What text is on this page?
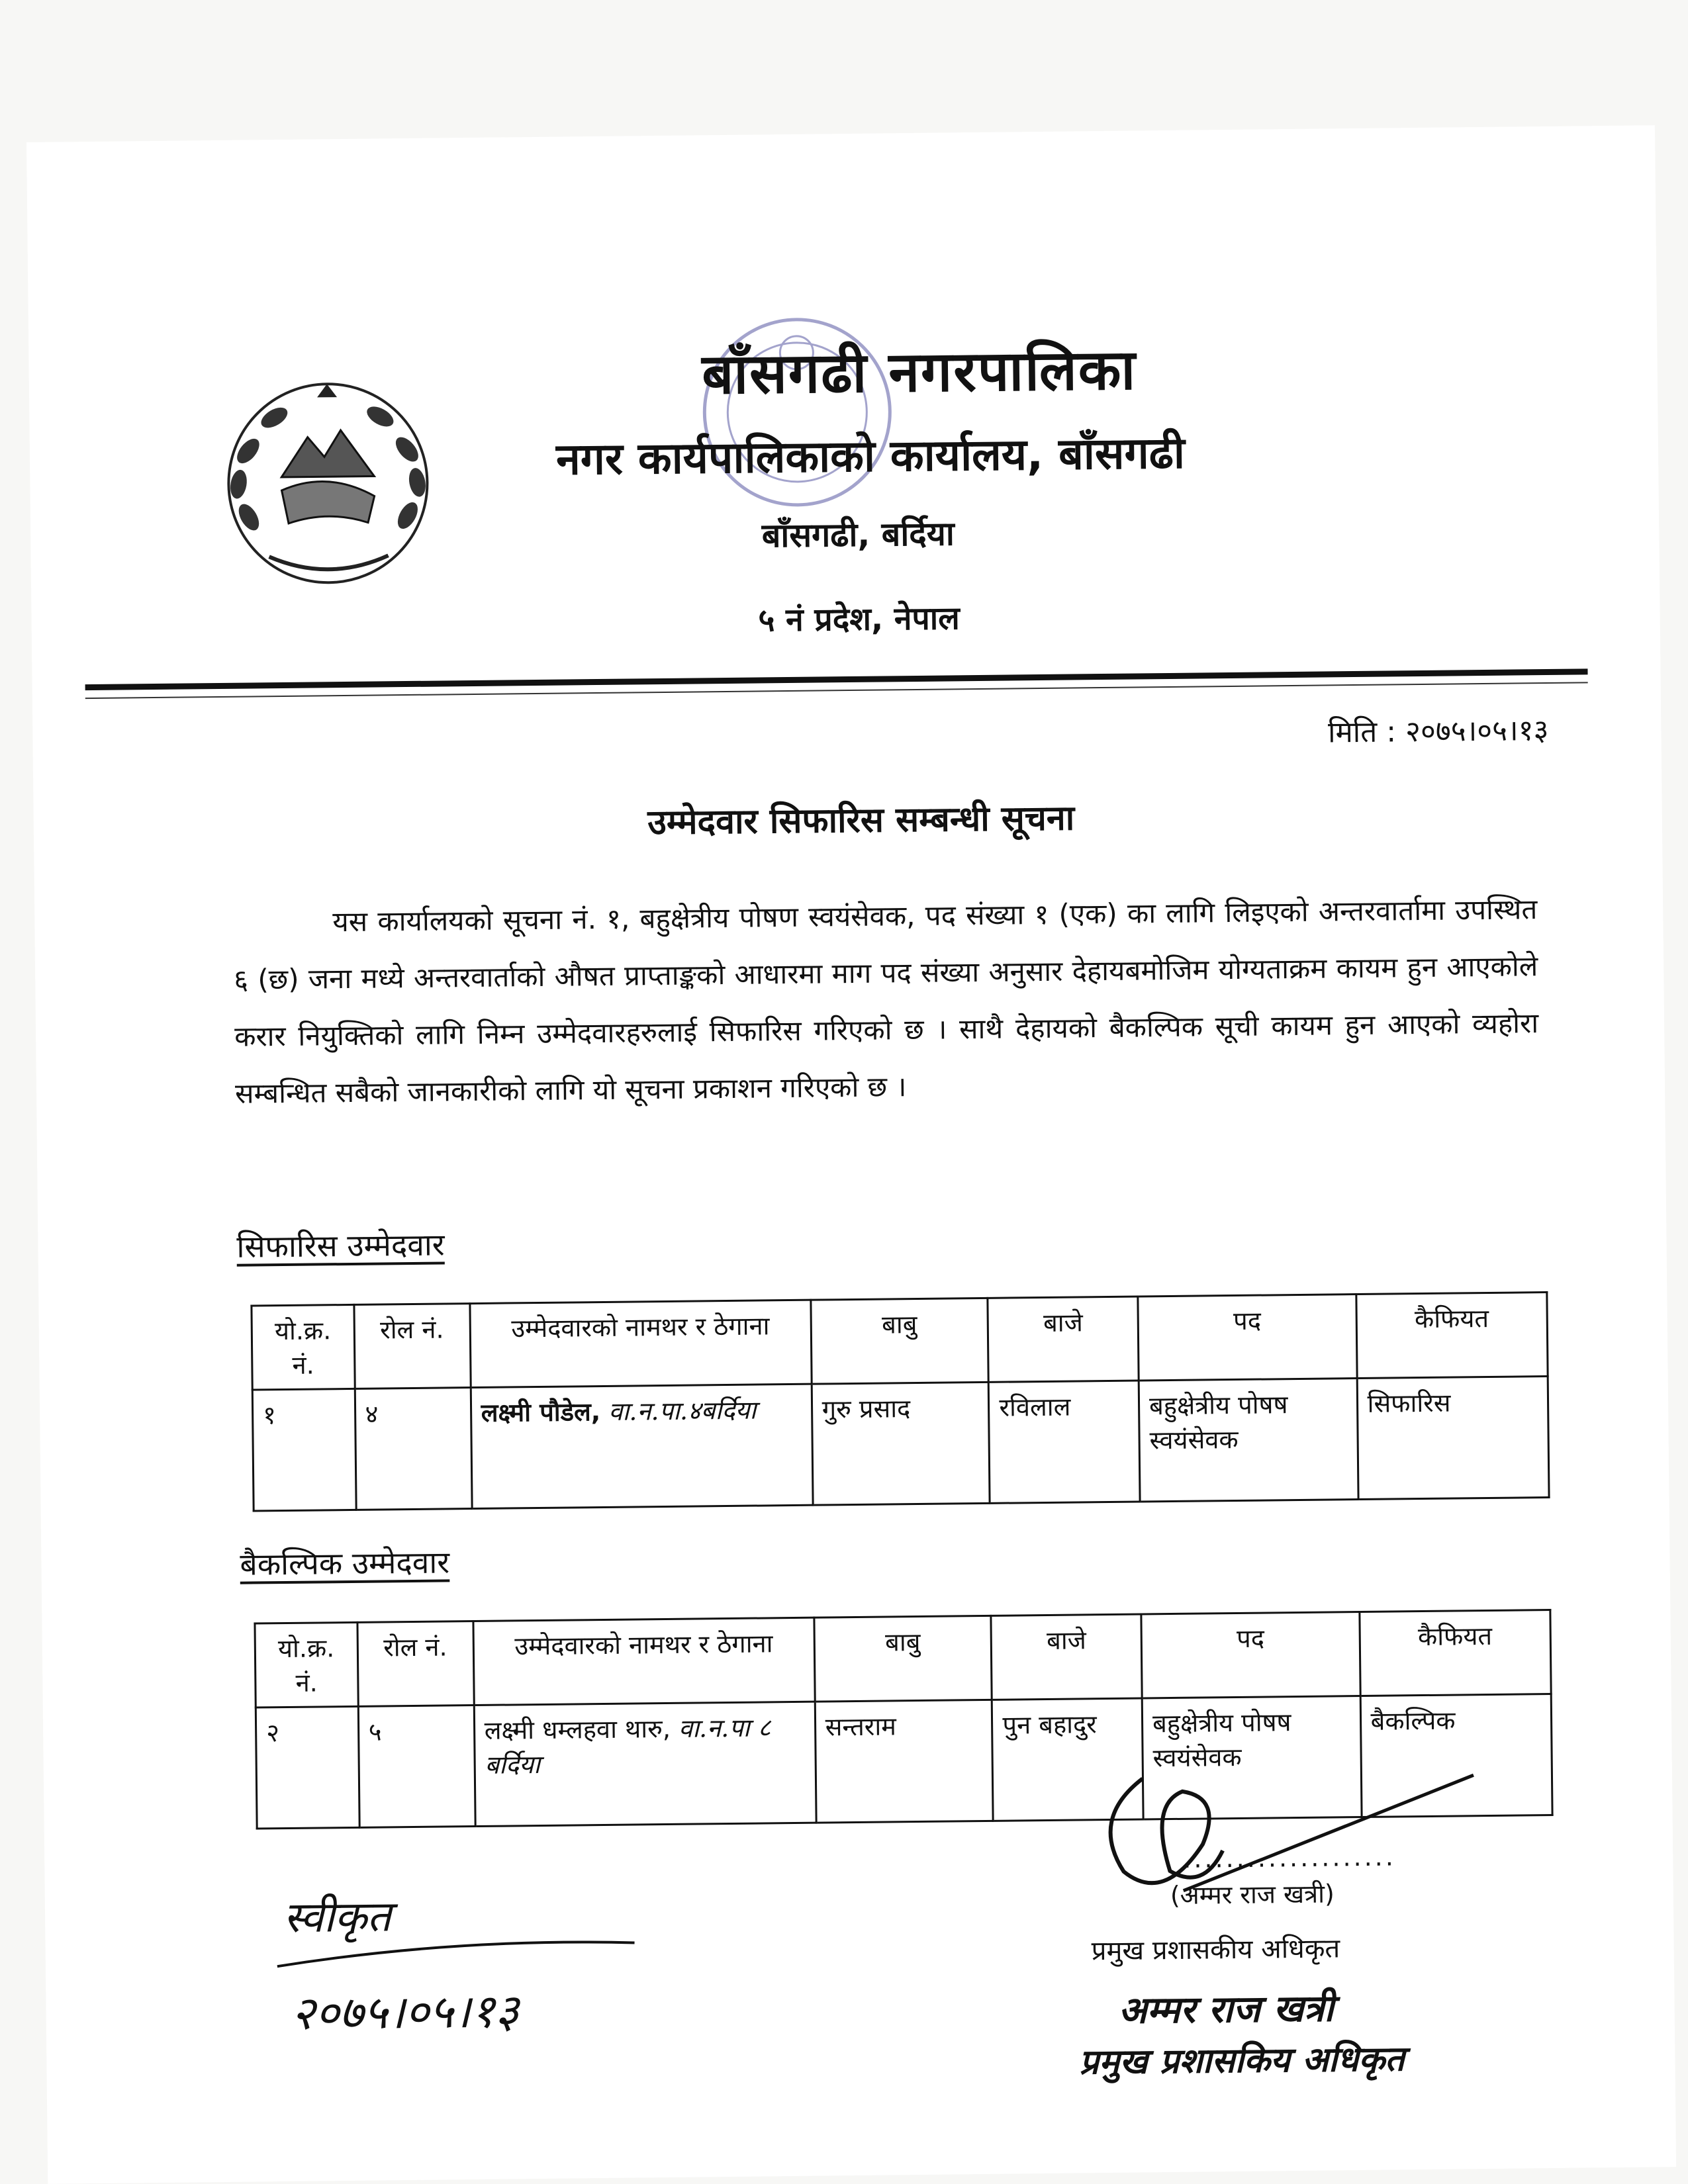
बाँसगढी नगरपालिका
नगर कार्यपालिकाको कार्यालय, बाँसगढी
बाँसगढी, बर्दिया
५ नं प्रदेश, नेपाल
मिति : २०७५।०५।१३
उम्मेदवार सिफारिस सम्बन्धी सूचना
यस कार्यालयको सूचना नं. १, बहुक्षेत्रीय पोषण स्वयंसेवक, पद संख्या १ (एक) का लागि लिइएको अन्तरवार्तामा उपस्थित ६ (छ) जना मध्ये अन्तरवार्ताको औषत प्राप्ताङ्कको आधारमा माग पद संख्या अनुसार देहायबमोजिम योग्यताक्रम कायम हुन आएकोले करार नियुक्तिको लागि निम्न उम्मेदवारहरुलाई सिफारिस गरिएको छ । साथै देहायको बैकल्पिक सूची कायम हुन आएको व्यहोरा सम्बन्धित सबैको जानकारीको लागि यो सूचना प्रकाशन गरिएको छ ।
सिफारिस उम्मेदवार
यो.क्र. नं.	रोल नं.	उम्मेदवारको नामथर र ठेगाना	बाबु	बाजे	पद	कैफियत
१	४	लक्ष्मी पौडेल, वा.न.पा.४बर्दिया	गुरु प्रसाद	रविलाल	बहुक्षेत्रीय पोषष स्वयंसेवक	सिफारिस
बैकल्पिक उम्मेदवार
यो.क्र. नं.	रोल नं.	उम्मेदवारको नामथर र ठेगाना	बाबु	बाजे	पद	कैफियत
२	५	लक्ष्मी धम्लहवा थारु, वा.न.पा ८ बर्दिया	सन्तराम	पुन बहादुर	बहुक्षेत्रीय पोषष स्वयंसेवक	बैकल्पिक
स्वीकृत
२०७५।०५।१३
....................
(अम्मर राज खत्री)
प्रमुख प्रशासकीय अधिकृत
अम्मर राज खत्री
प्रमुख प्रशासकिय अधिकृत
